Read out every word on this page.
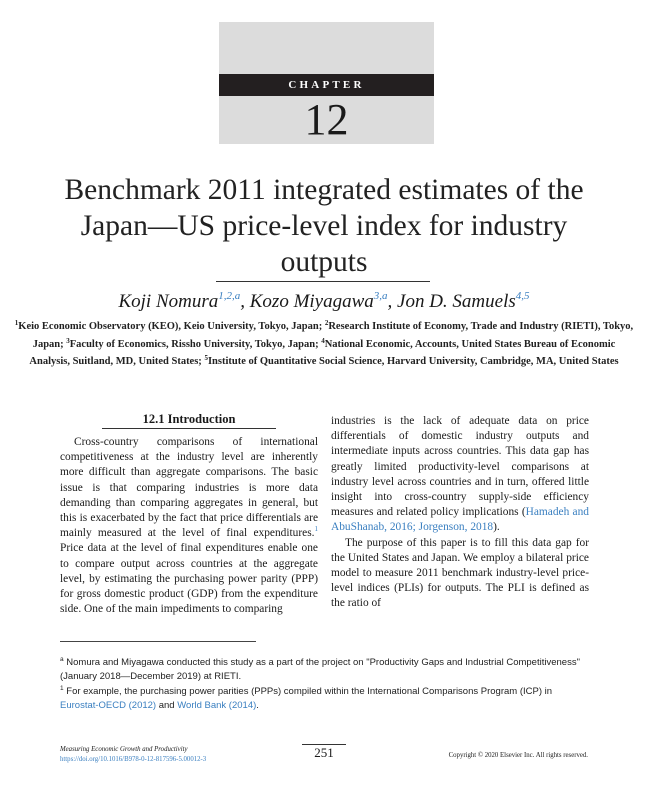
CHAPTER
12
Benchmark 2011 integrated estimates of the Japan—US price-level index for industry outputs
Koji Nomura$^{1,2,a}$, Kozo Miyagawa$^{3,a}$, Jon D. Samuels$^{4,5}$
$^1$Keio Economic Observatory (KEO), Keio University, Tokyo, Japan; $^2$Research Institute of Economy, Trade and Industry (RIETI), Tokyo, Japan; $^3$Faculty of Economics, Rissho University, Tokyo, Japan; $^4$National Economic, Accounts, United States Bureau of Economic Analysis, Suitland, MD, United States; $^5$Institute of Quantitative Social Science, Harvard University, Cambridge, MA, United States
12.1 Introduction

Cross-country comparisons of international competitiveness at the industry level are inherently more difficult than aggregate comparisons. The basic issue is that comparing industries is more data demanding than comparing aggregates in general, but this is exacerbated by the fact that price differentials are mainly measured at the level of final expenditures.$^1$ Price data at the level of final expenditures enable one to compare output across countries at the aggregate level, by estimating the purchasing power parity (PPP) for gross domestic product (GDP) from the expenditure side. One of the main impediments to comparing

industries is the lack of adequate data on price differentials of domestic industry outputs and intermediate inputs across countries. This data gap has greatly limited productivity-level comparisons at industry level across countries and in turn, offered little insight into cross-country supply-side efficiency measures and related policy implications (Hamadeh and AbuShanab, 2016; Jorgenson, 2018).

The purpose of this paper is to fill this data gap for the United States and Japan. We employ a bilateral price model to measure 2011 benchmark industry-level price-level indices (PLIs) for outputs. The PLI is defined as the ratio of

$^a$ Nomura and Miyagawa conducted this study as a part of the project on "Productivity Gaps and Industrial Competitiveness" (January 2018—December 2019) at RIETI.
$^1$ For example, the purchasing power parities (PPPs) compiled within the International Comparisons Program (ICP) in Eurostat-OECD (2012) and World Bank (2014).
Measuring Economic Growth and Productivity
https://doi.org/10.1016/B978-0-12-817596-5.00012-3	251	Copyright © 2020 Elsevier Inc. All rights reserved.
